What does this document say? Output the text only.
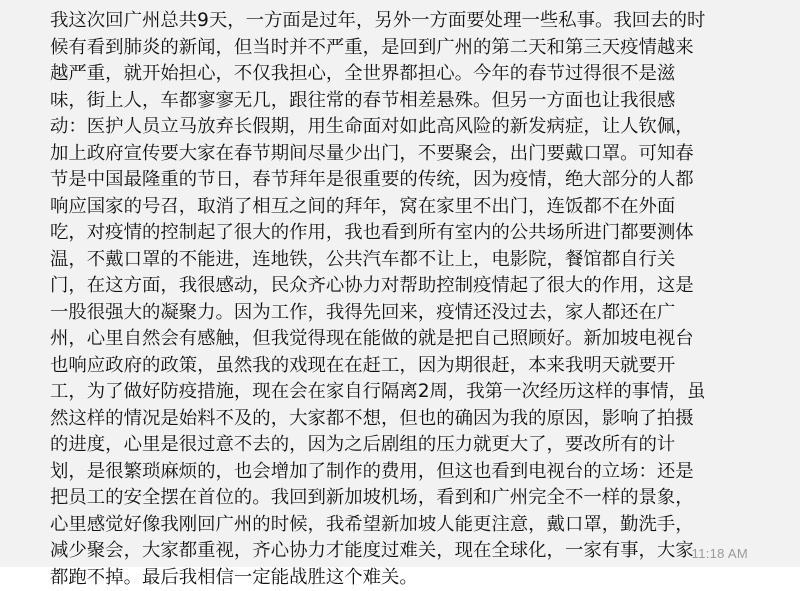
我这次回广州总共9天，一方面是过年，另外一方面要处理一些私事。我回去的时
候有看到肺炎的新闻，但当时并不严重，是回到广州的第二天和第三天疫情越来
越严重，就开始担心，不仅我担心，全世界都担心。今年的春节过得很不是滋
味，街上人，车都寥寥无几，跟往常的春节相差悬殊。但另一方面也让我很感
动：医护人员立马放弃长假期，用生命面对如此高风险的新发病症，让人钦佩，
加上政府宣传要大家在春节期间尽量少出门，不要聚会，出门要戴口罩。可知春
节是中国最隆重的节日，春节拜年是很重要的传统，因为疫情，绝大部分的人都
响应国家的号召，取消了相互之间的拜年，窝在家里不出门，连饭都不在外面
吃，对疫情的控制起了很大的作用，我也看到所有室内的公共场所进门都要测体
温，不戴口罩的不能进，连地铁，公共汽车都不让上，电影院，餐馆都自行关
门，在这方面，我很感动，民众齐心协力对帮助控制疫情起了很大的作用，这是
一股很强大的凝聚力。因为工作，我得先回来，疫情还没过去，家人都还在广
州，心里自然会有感触，但我觉得现在能做的就是把自己照顾好。新加坡电视台
也响应政府的政策，虽然我的戏现在在赶工，因为期很赶，本来我明天就要开
工，为了做好防疫措施，现在会在家自行隔离2周，我第一次经历这样的事情，虽
然这样的情况是始料不及的，大家都不想，但也的确因为我的原因，影响了拍摄
的进度，心里是很过意不去的，因为之后剧组的压力就更大了，要改所有的计
划，是很繁琐麻烦的，也会增加了制作的费用，但这也看到电视台的立场：还是
把员工的安全摆在首位的。我回到新加坡机场，看到和广州完全不一样的景象，
心里感觉好像我刚回广州的时候，我希望新加坡人能更注意，戴口罩，勤洗手，
减少聚会，大家都重视，齐心协力才能度过难关，现在全球化，一家有事，大家
都跑不掉。最后我相信一定能战胜这个难关。
11:18 AM
